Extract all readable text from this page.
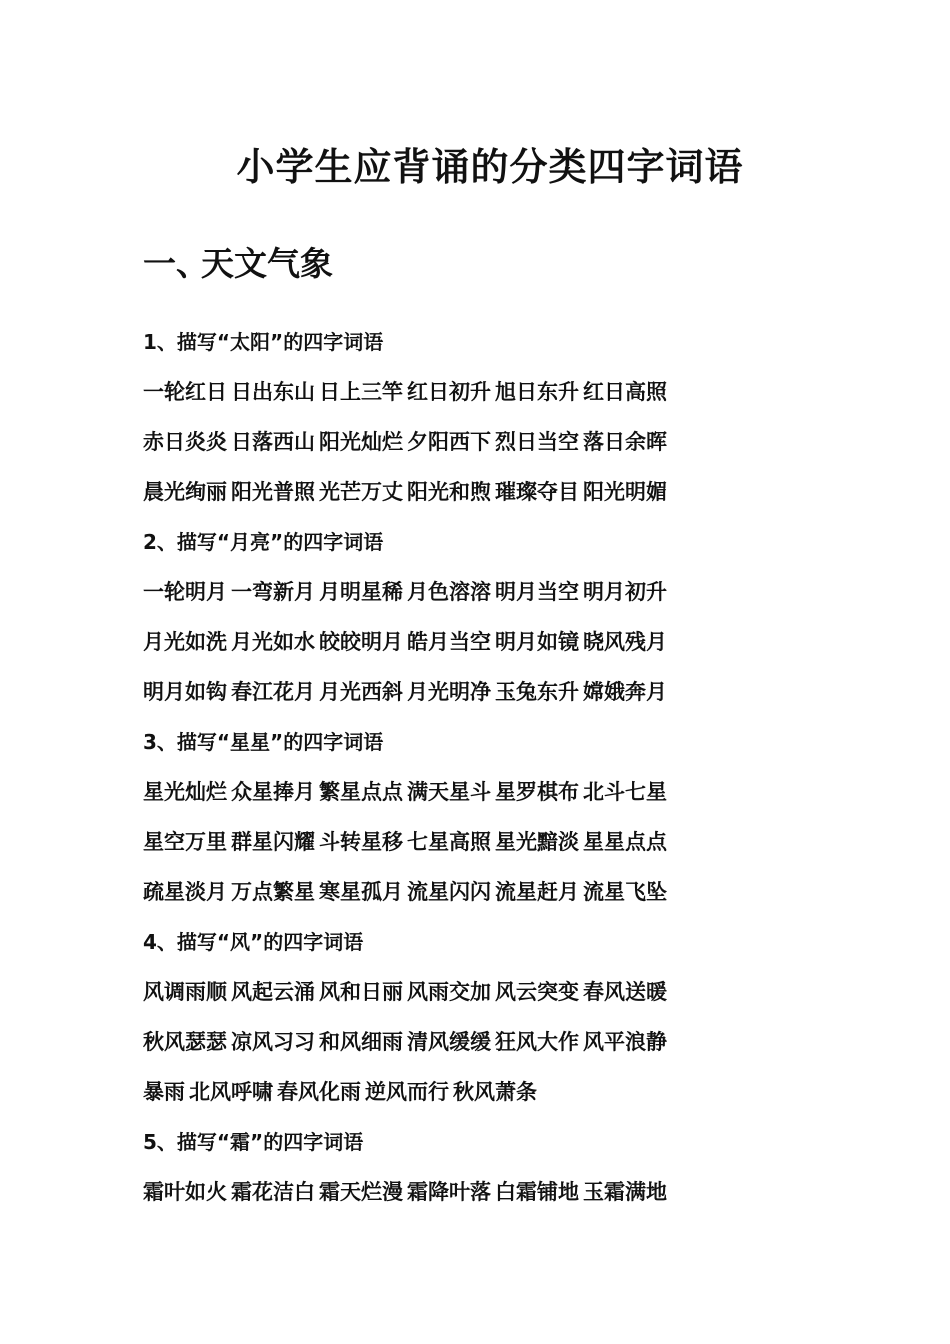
小学生应背诵的分类四字词语
一、天文气象
1、描写“太阳”的四字词语
一轮红日 日出东山 日上三竿 红日初升 旭日东升 红日高照
赤日炎炎 日落西山 阳光灿烂 夕阳西下 烈日当空 落日余晖
晨光绚丽 阳光普照 光芒万丈 阳光和煦 璀璨夺目 阳光明媚
2、描写“月亮”的四字词语
一轮明月 一弯新月 月明星稀 月色溶溶 明月当空 明月初升
月光如洗 月光如水 皎皎明月 皓月当空 明月如镜 晓风残月
明月如钩 春江花月 月光西斜 月光明净 玉兔东升 嫦娥奔月
3、描写“星星”的四字词语
星光灿烂 众星捧月 繁星点点 满天星斗 星罗棋布 北斗七星
星空万里 群星闪耀 斗转星移 七星高照 星光黯淡 星星点点
疏星淡月 万点繁星 寒星孤月 流星闪闪 流星赶月 流星飞坠
4、描写“风”的四字词语
风调雨顺 风起云涌 风和日丽 风雨交加 风云突变 春风送暖
秋风瑟瑟 凉风习习 和风细雨 清风缓缓 狂风大作 风平浪静
暴雨 北风呼啸 春风化雨 逆风而行 秋风萧条
5、描写“霜”的四字词语
霜叶如火 霜花洁白 霜天烂漫 霜降叶落 白霜铺地 玉霜满地
